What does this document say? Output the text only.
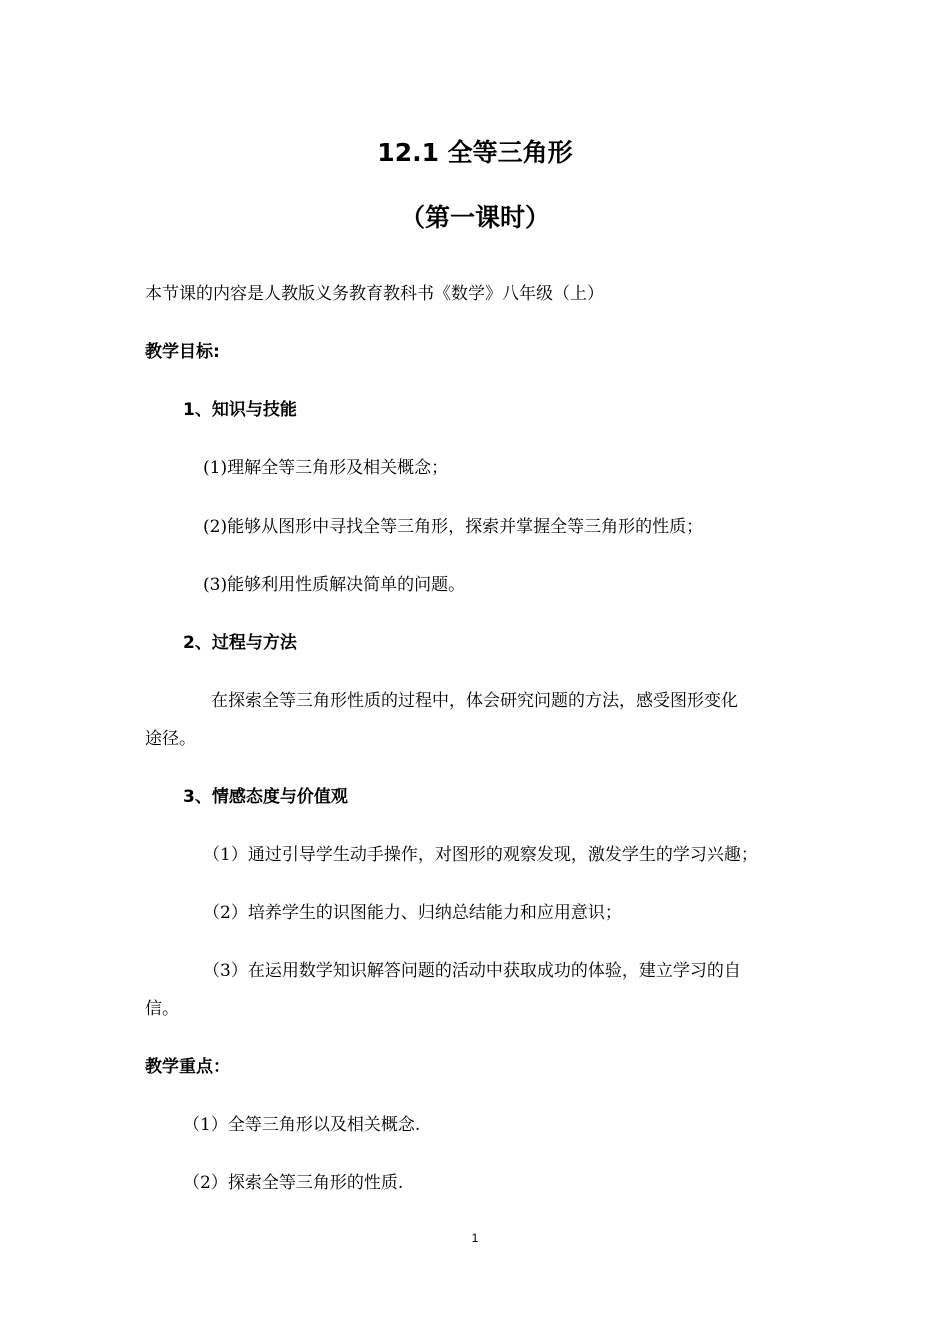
12.1 全等三角形
（第一课时）
本节课的内容是人教版义务教育教科书《数学》八年级（上）
教学目标:
1、知识与技能
(1)理解全等三角形及相关概念；
(2)能够从图形中寻找全等三角形，探索并掌握全等三角形的性质；
(3)能够利用性质解决简单的问题。
2、过程与方法
在探索全等三角形性质的过程中，体会研究问题的方法，感受图形变化
途径。
3、情感态度与价值观
（1）通过引导学生动手操作，对图形的观察发现，激发学生的学习兴趣；
（2）培养学生的识图能力、归纳总结能力和应用意识；
（3）在运用数学知识解答问题的活动中获取成功的体验，建立学习的自
信。
教学重点：
（1）全等三角形以及相关概念.
（2）探索全等三角形的性质.
1
